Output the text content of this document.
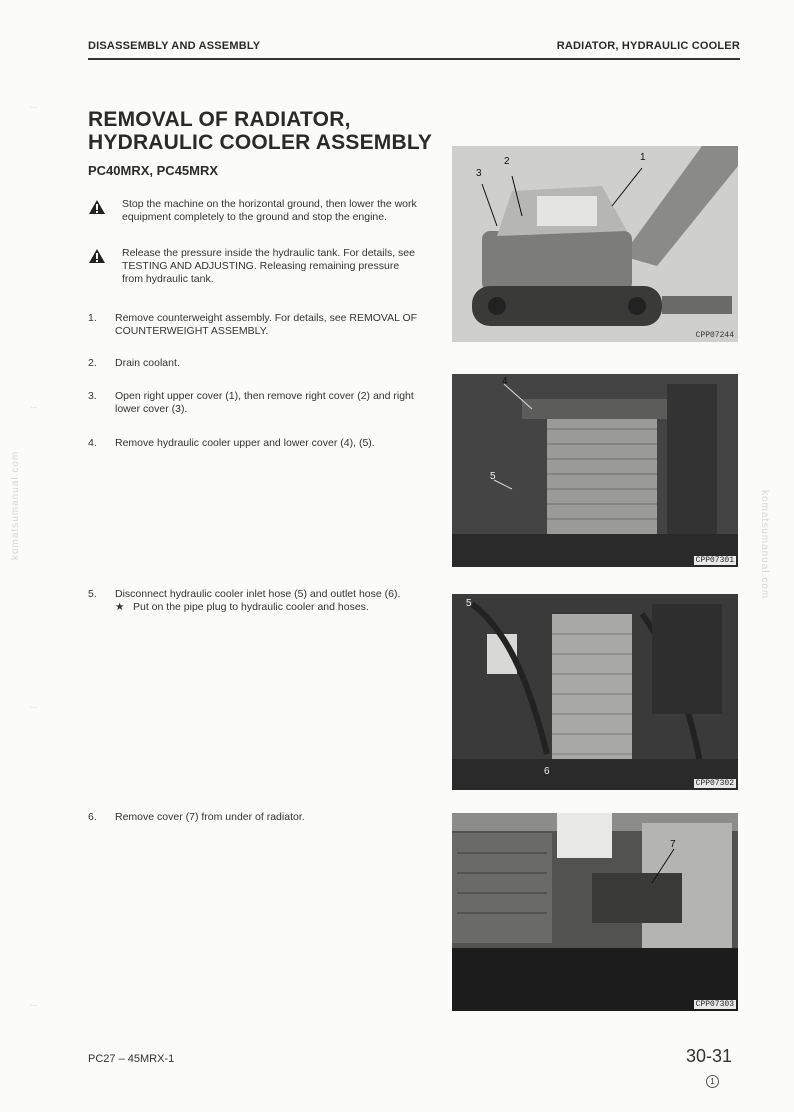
DISASSEMBLY AND ASSEMBLY	RADIATOR, HYDRAULIC COOLER
REMOVAL OF RADIATOR,
HYDRAULIC COOLER ASSEMBLY
PC40MRX, PC45MRX
Stop the machine on the horizontal ground, then lower the work equipment completely to the ground and stop the engine.
Release the pressure inside the hydraulic tank. For details, see TESTING AND ADJUSTING. Releasing remaining pressure from hydraulic tank.
1. Remove counterweight assembly. For details, see REMOVAL OF COUNTERWEIGHT ASSEMBLY.
2. Drain coolant.
3. Open right upper cover (1), then remove right cover (2) and right lower cover (3).
4. Remove hydraulic cooler upper and lower cover (4), (5).
5. Disconnect hydraulic cooler inlet hose (5) and outlet hose (6).
★ Put on the pipe plug to hydraulic cooler and hoses.
6. Remove cover (7) from under of radiator.
1
2
3
CPP07244
4
5
CPP07301
5
6
CPP07302
7
CPP07303
komatsumanual.com	komatsumanual.com
·˴˴
·˴˴
·˴˴
·˴˴
PC27 – 45MRX-1	30-31
1
